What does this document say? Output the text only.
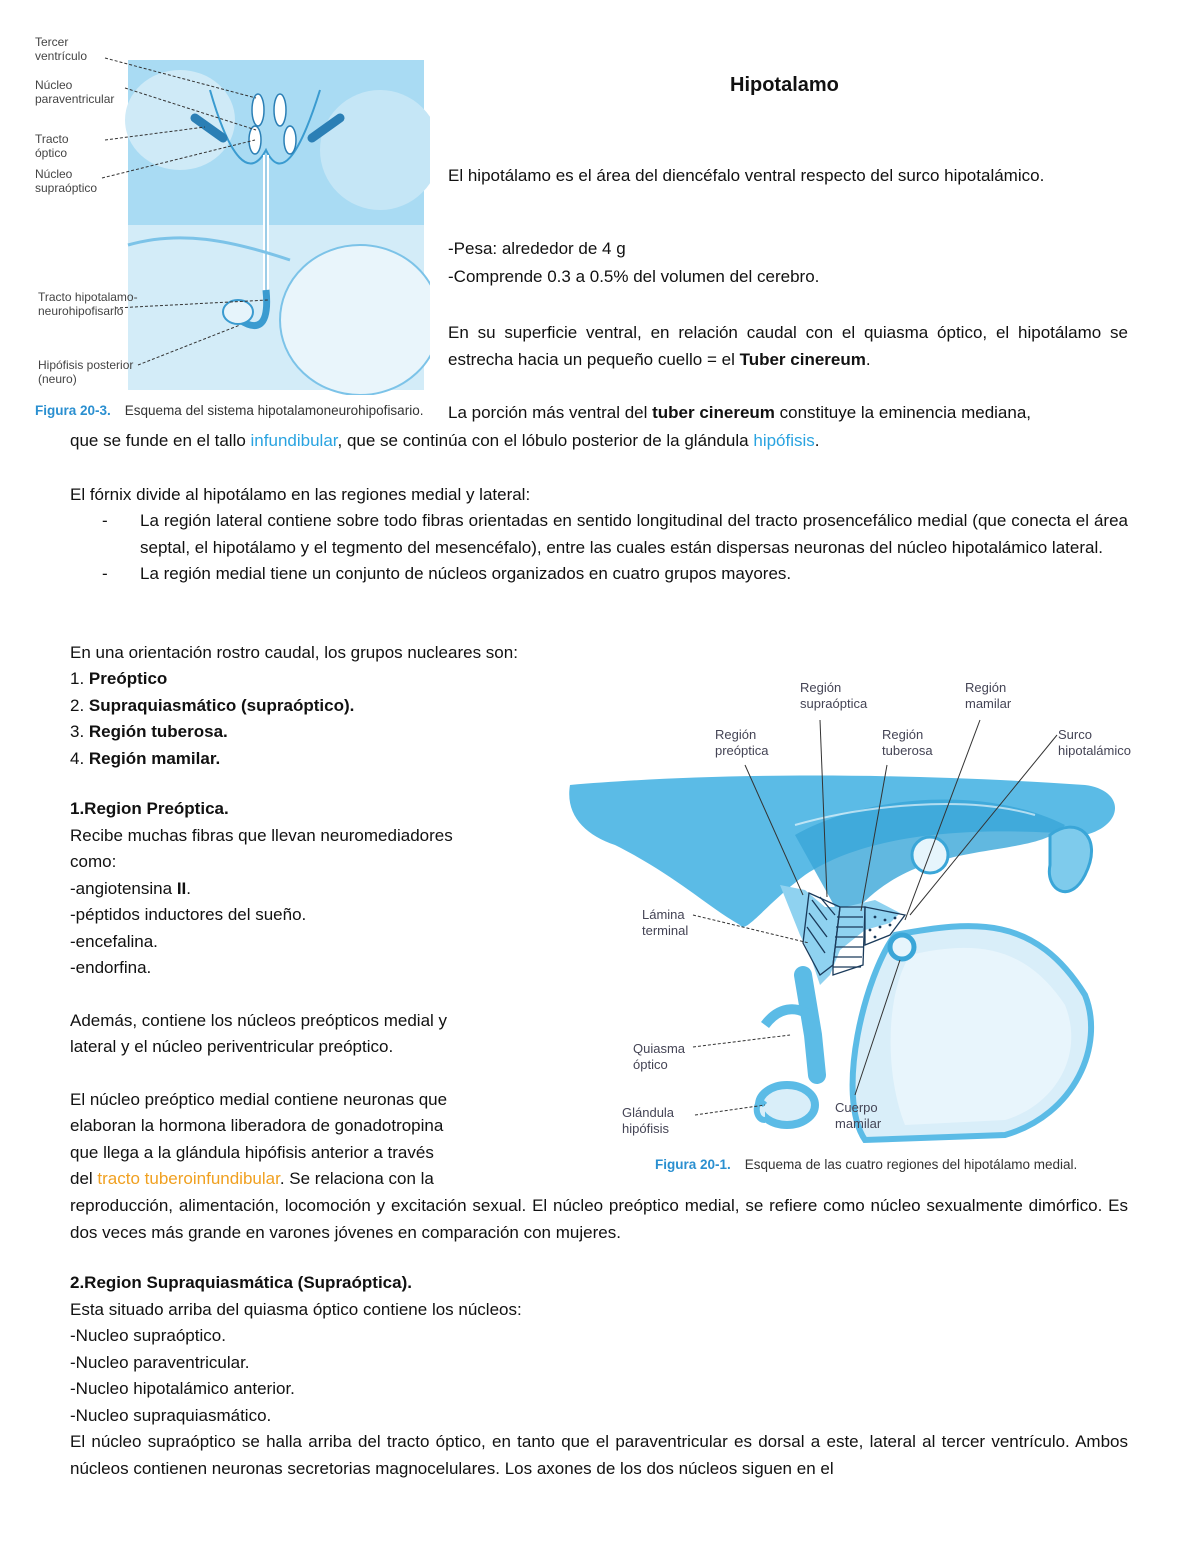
Tercer ventrículo
Núcleo paraventricular
Tracto óptico
Núcleo supraóptico
Tracto hipotalamo-neurohipofisario
Hipófisis posterior (neuro)
Figura 20-3. Esquema del sistema hipotalamoneurohipofisario.
Hipotalamo

El hipotálamo es el área del diencéfalo ventral respecto del surco hipotalámico.

-Pesa: alrededor de 4 g

-Comprende 0.3 a 0.5% del volumen del cerebro.

En su superficie ventral, en relación caudal con el quiasma óptico, el hipotálamo se estrecha hacia un pequeño cuello = el Tuber cinereum.

La porción más ventral del tuber cinereum constituye la eminencia mediana,

que se funde en el tallo infundibular, que se continúa con el lóbulo posterior de la glándula hipófisis.

El fórnix divide al hipotálamo en las regiones medial y lateral:

- La región lateral contiene sobre todo fibras orientadas en sentido longitudinal del tracto prosencefálico medial (que conecta el área septal, el hipotálamo y el tegmento del mesencéfalo), entre las cuales están dispersas neuronas del núcleo hipotalámico lateral.
- La región medial tiene un conjunto de núcleos organizados en cuatro grupos mayores.

En una orientación rostro caudal, los grupos nucleares son:

1. Preóptico
2. Supraquiasmático (supraóptico).
3. Región tuberosa.
4. Región mamilar.
1.Region Preóptica.
Recibe muchas fibras que llevan neuromediadores
como:
-angiotensina II.
-péptidos inductores del sueño.
-encefalina.
-endorfina.
Además, contiene los núcleos preópticos medial y
lateral y el núcleo periventricular preóptico.
El núcleo preóptico medial contiene neuronas que
elaboran la hormona liberadora de gonadotropina
que llega a la glándula hipófisis anterior a través
del tracto tuberoinfundibular. Se relaciona con la

reproducción, alimentación, locomoción y excitación sexual. El núcleo preóptico medial, se refiere como núcleo sexualmente dimórfico. Es dos veces más grande en varones jóvenes en comparación con mujeres.

Región preóptica
Región supraóptica
Región tuberosa
Región mamilar
Surco hipotalámico
Lámina terminal
Quiasma óptico
Glándula hipófisis
Cuerpo mamilar
Figura 20-1. Esquema de las cuatro regiones del hipotálamo medial.
2.Region Supraquiasmática (Supraóptica).
Esta situado arriba del quiasma óptico contiene los núcleos:
-Nucleo supraóptico.
-Nucleo paraventricular.
-Nucleo hipotalámico anterior.
-Nucleo supraquiasmático.
El núcleo supraóptico se halla arriba del tracto óptico, en tanto que el paraventricular es dorsal a este, lateral al tercer ventrículo. Ambos núcleos contienen neuronas secretorias magnocelulares. Los axones de los dos núcleos siguen en el
